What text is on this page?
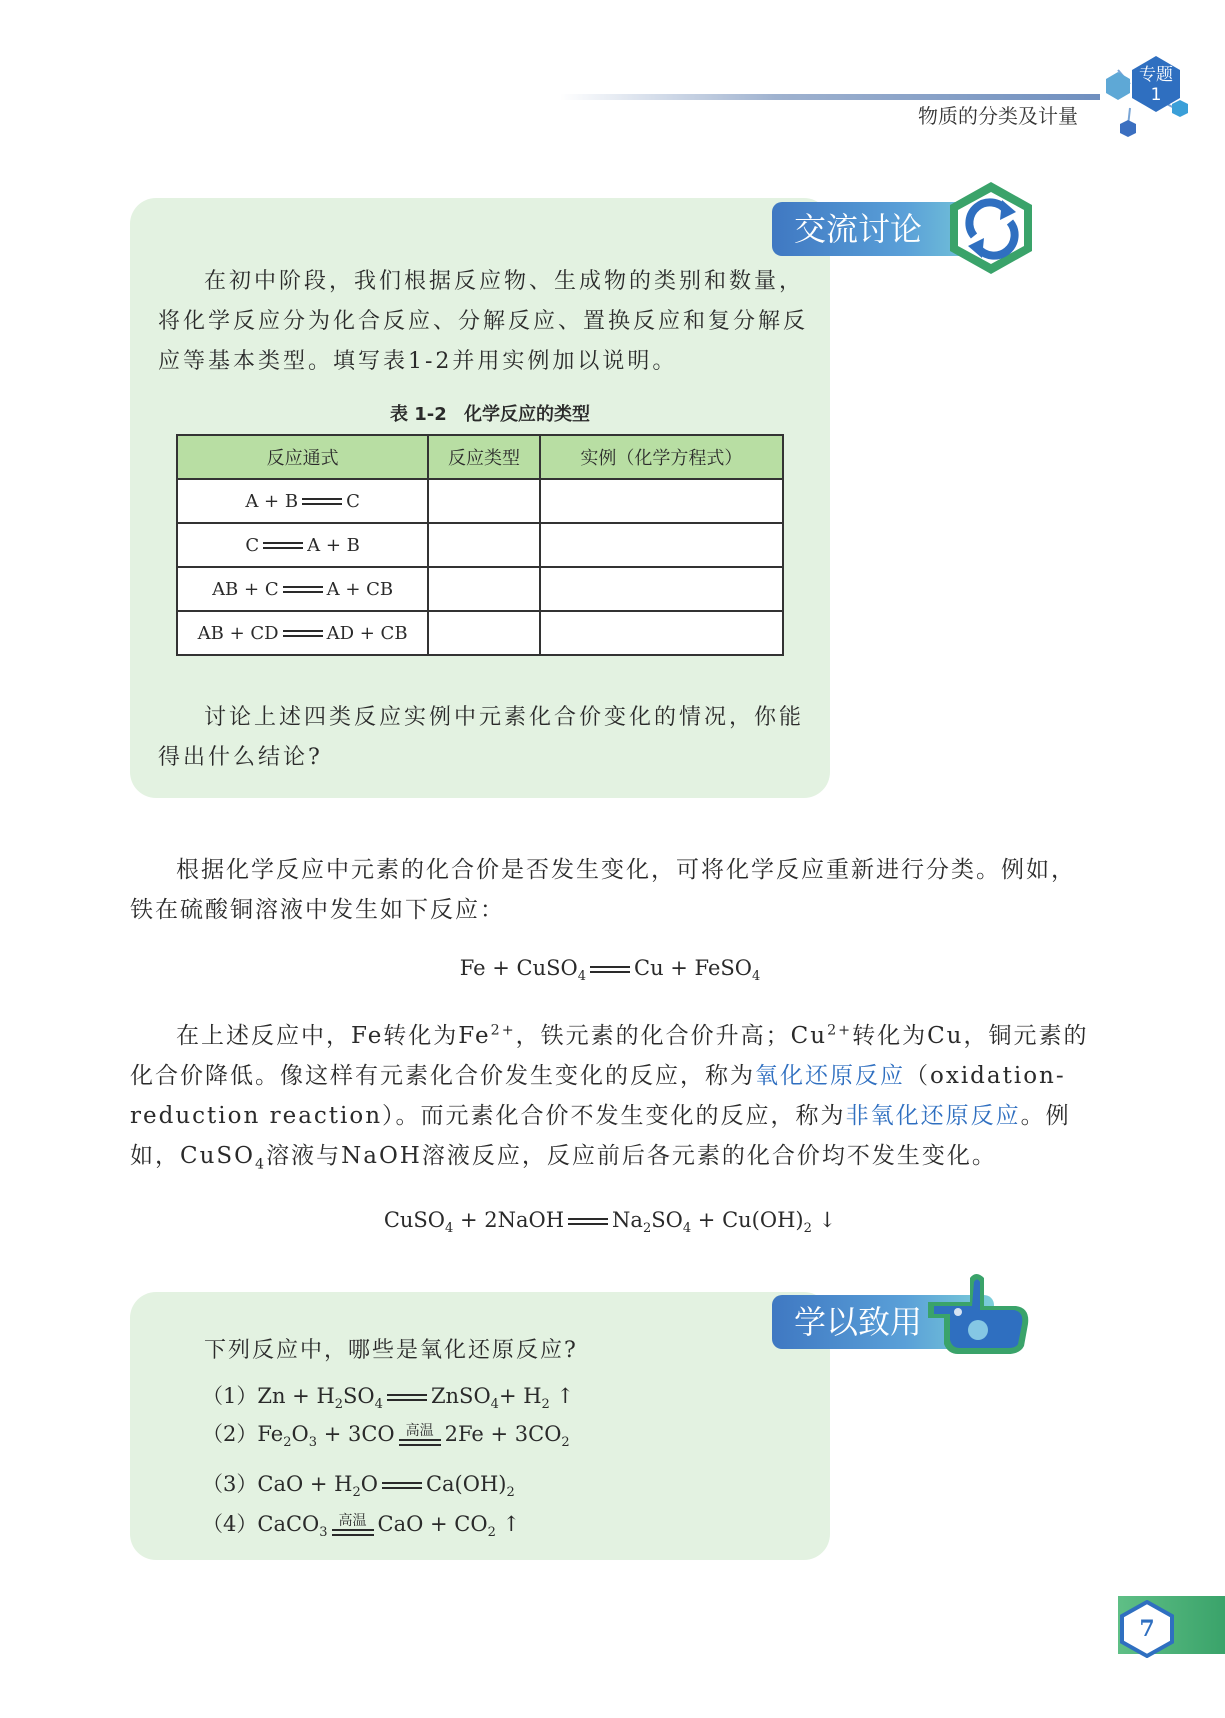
物质的分类及计量
专题
1
交流讨论
在初中阶段，我们根据反应物、生成物的类别和数量，将化学反应分为化合反应、分解反应、置换反应和复分解反应等基本类型。填写表1-2并用实例加以说明。
表 1-2 化学反应的类型
反应通式	反应类型	实例（化学方程式）
A + B C		
C A + B		
AB + C A + CB		
AB + CD AD + CB		
讨论上述四类反应实例中元素化合价变化的情况，你能得出什么结论?
根据化学反应中元素的化合价是否发生变化，可将化学反应重新进行分类。例如，铁在硫酸铜溶液中发生如下反应：
Fe + CuSO$_4$ Cu + FeSO$_4$
在上述反应中，Fe转化为$Fe^{2+}$，铁元素的化合价升高；$Cu^{2+}$转化为Cu，铜元素的化合价降低。像这样有元素化合价发生变化的反应，称为氧化还原反应（oxidation-reduction reaction）。而元素化合价不发生变化的反应，称为非氧化还原反应。例如，CuSO$_4$溶液与NaOH溶液反应，反应前后各元素的化合价均不发生变化。
CuSO$_4$ + 2NaOH $Na_2SO_4 + Cu(OH)_2$ ↓
学以致用
下列反应中，哪些是氧化还原反应?
$(1)Zn + H_2SO_4$ ZnSO$_4$+ $H_2$ ↑
$(2)Fe_2O_3 + 3CO$ 高温 $2Fe + 3CO_2$
$(3)CaO + H_2O$ $Ca(OH)_2$
（4）CaCO$_3$
高温 CaO + $CO_2$ ↑
7
